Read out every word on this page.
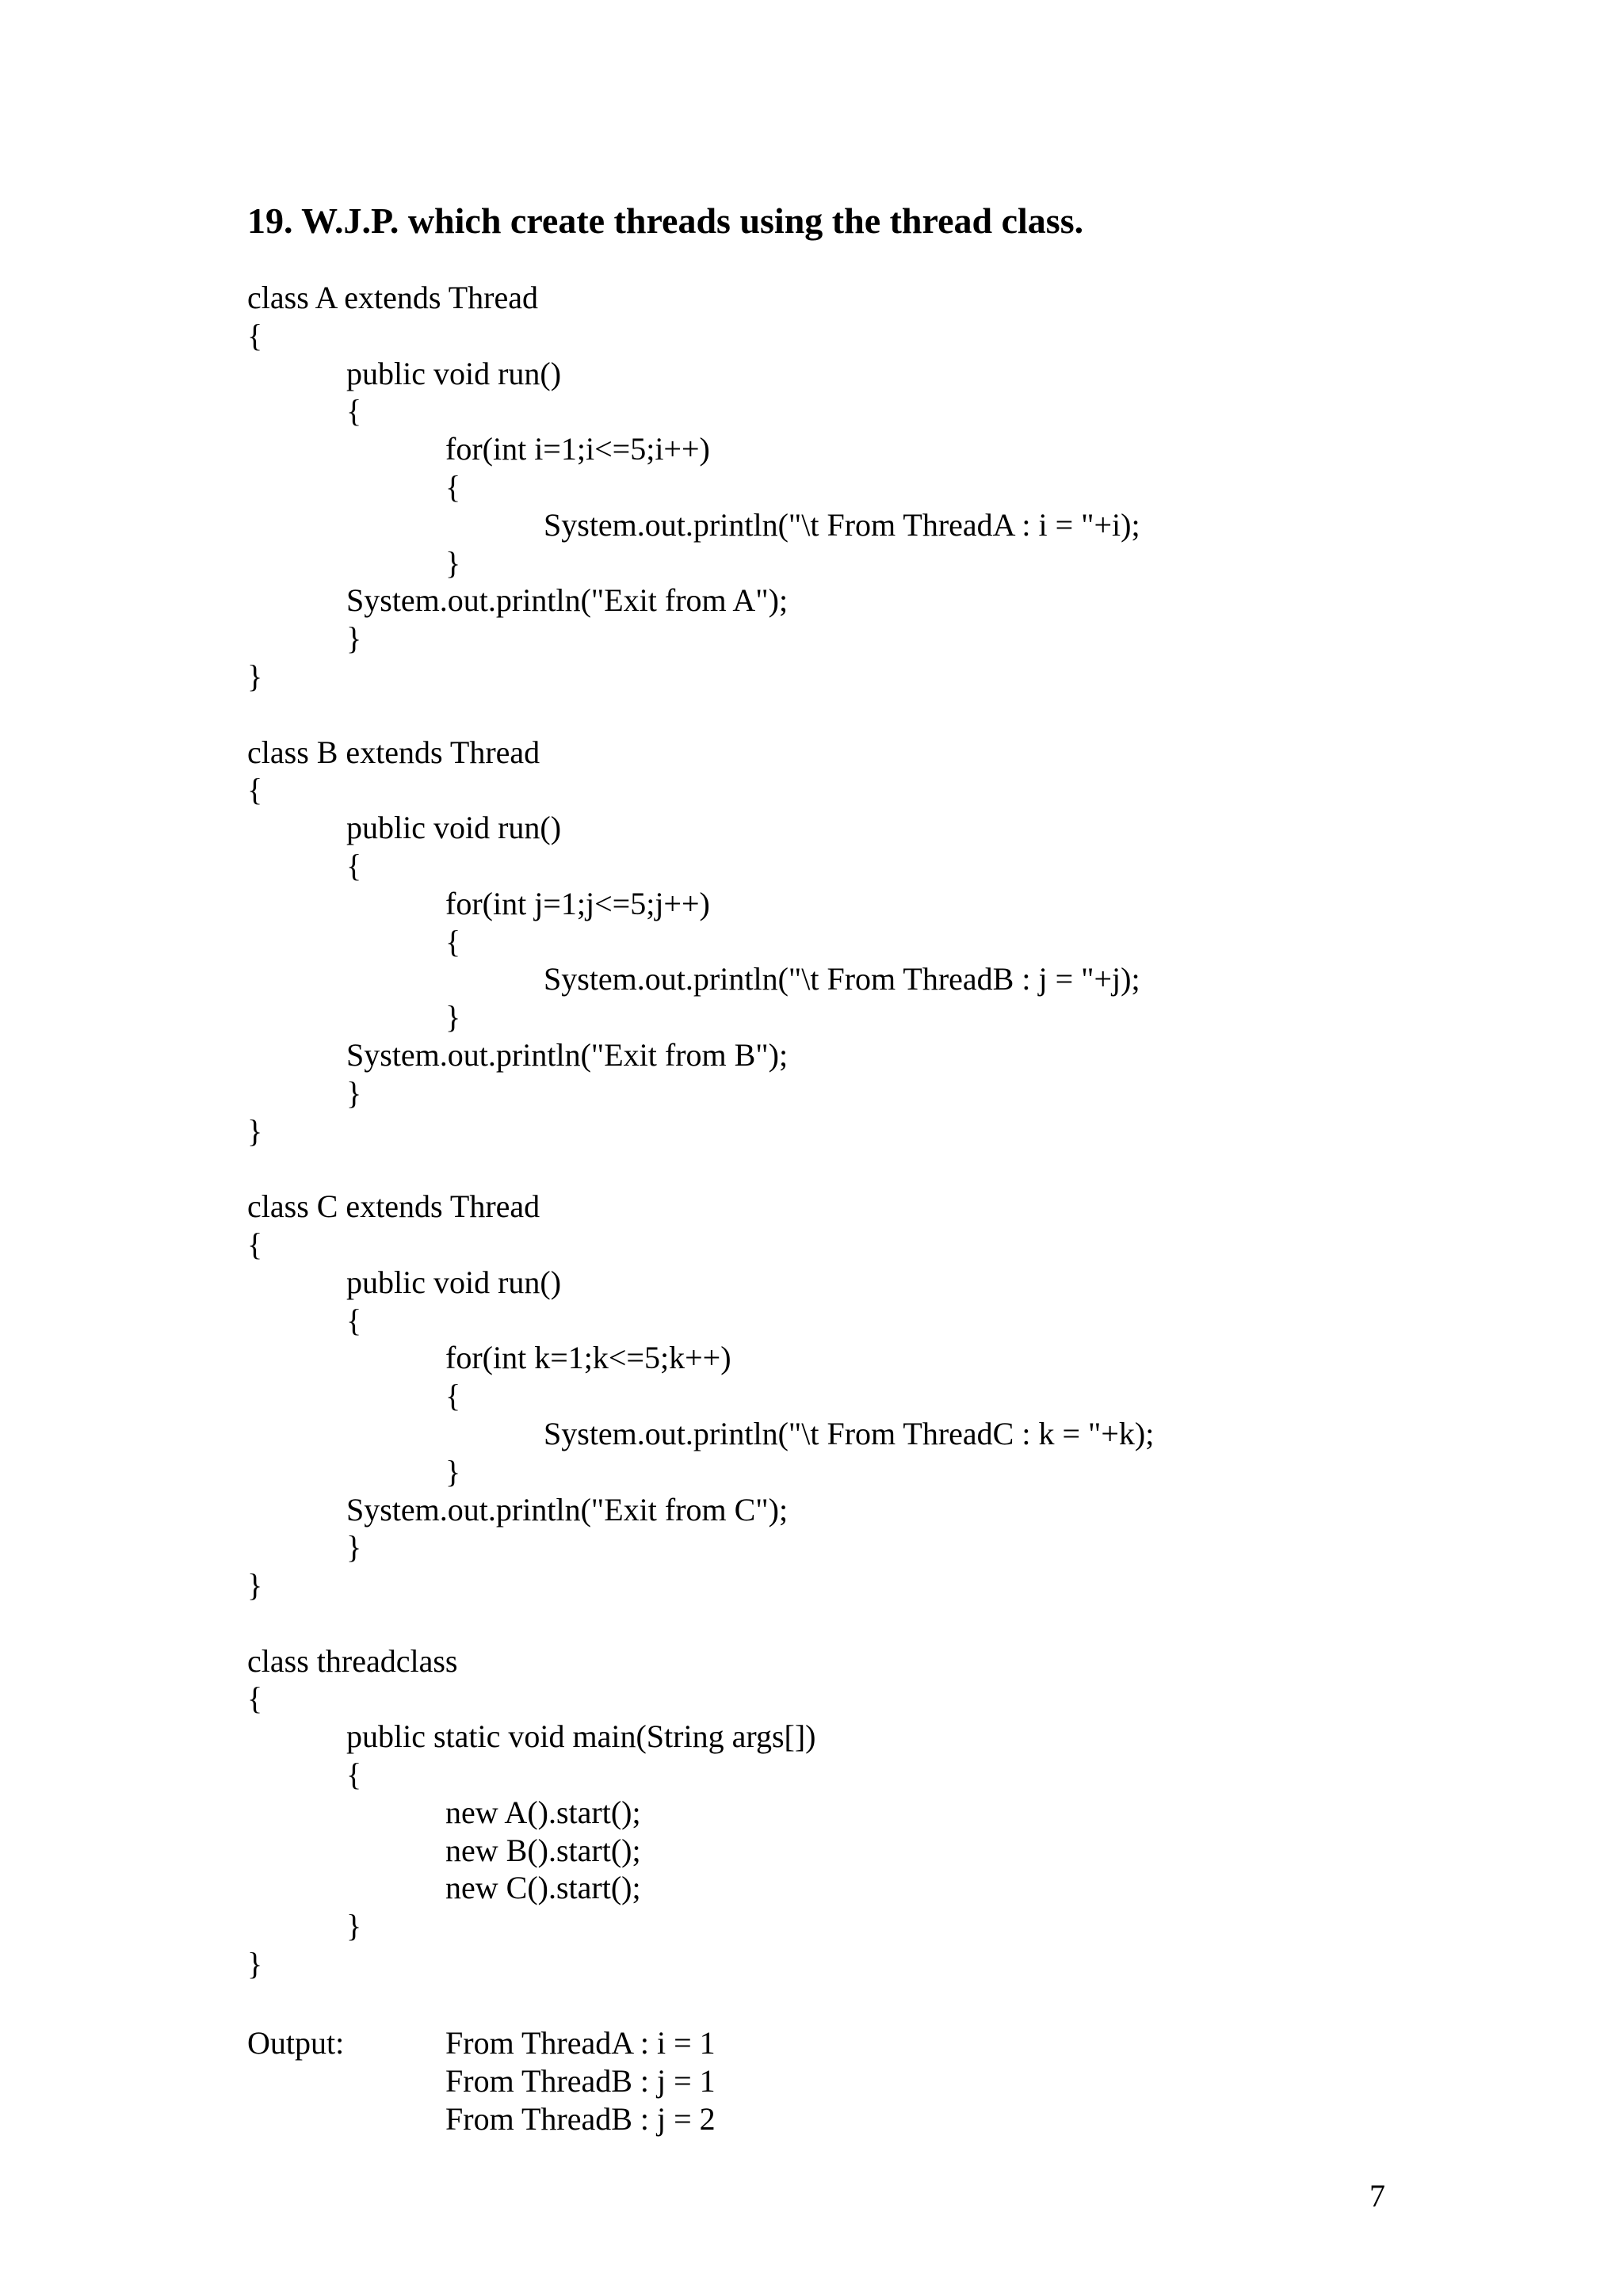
19. W.J.P. which create threads using the thread class.
class A extends Thread
{
public void run()
{
for(int i=1;i<=5;i++)
{
System.out.println("\t From ThreadA : i = "+i);
}
System.out.println("Exit from A");
}
}
class B extends Thread
{
public void run()
{
for(int j=1;j<=5;j++)
{
System.out.println("\t From ThreadB : j = "+j);
}
System.out.println("Exit from B");
}
}
class C extends Thread
{
public void run()
{
for(int k=1;k<=5;k++)
{
System.out.println("\t From ThreadC : k = "+k);
}
System.out.println("Exit from C");
}
}
class threadclass
{
public static void main(String args[])
{
new A().start();
new B().start();
new C().start();
}
}
Output:	From ThreadA : i = 1
From ThreadB : j = 1
From ThreadB : j = 2
7
